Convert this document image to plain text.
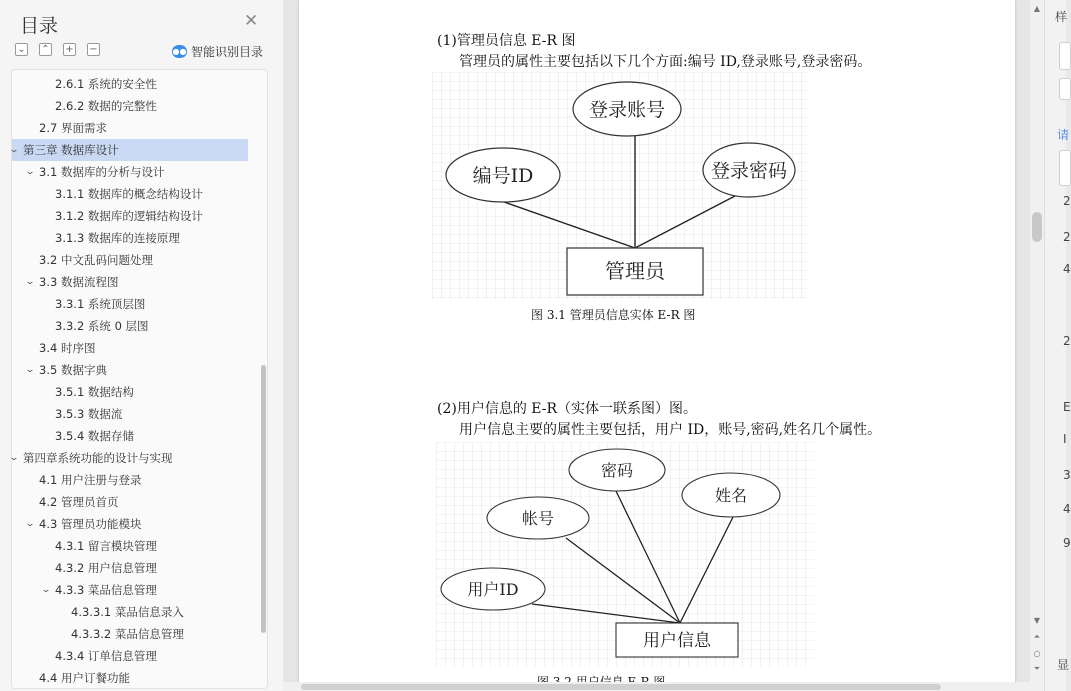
目录	✕
⌄ ⌃ + −	●● 智能识别目录
2.6.1 系统的安全性
2.6.2 数据的完整性
2.7 界面需求
⌄ 第三章 数据库设计
⌄ 3.1 数据库的分析与设计
3.1.1 数据库的概念结构设计
3.1.2 数据库的逻辑结构设计
3.1.3 数据库的连接原理
3.2 中文乱码问题处理
⌄ 3.3 数据流程图
3.3.1 系统顶层图
3.3.2 系统 0 层图
3.4 时序图
⌄ 3.5 数据字典
3.5.1 数据结构
3.5.3 数据流
3.5.4 数据存储
⌄ 第四章系统功能的设计与实现
4.1 用户注册与登录
4.2 管理员首页
⌄ 4.3 管理员功能模块
4.3.1 留言模块管理
4.3.2 用户信息管理
⌄ 4.3.3 菜品信息管理
4.3.3.1 菜品信息录入
4.3.3.2 菜品信息管理
4.3.4 订单信息管理
4.4 用户订餐功能
(1)管理员信息 E-R 图
管理员的属性主要包括以下几个方面:编号 ID,登录账号,登录密码。
编号ID
登录账号
登录密码
管理员
图 3.1 管理员信息实体 E-R 图
(2)用户信息的 E-R（实体一联系图）图。
用户信息主要的属性主要包括，用户 ID，账号,密码,姓名几个属性。
密码
姓名
帐号
用户ID
用户信息
▲
▼
⏶
○
⏷
样
请
2
2
4
2
E
I
3
4
9
显
